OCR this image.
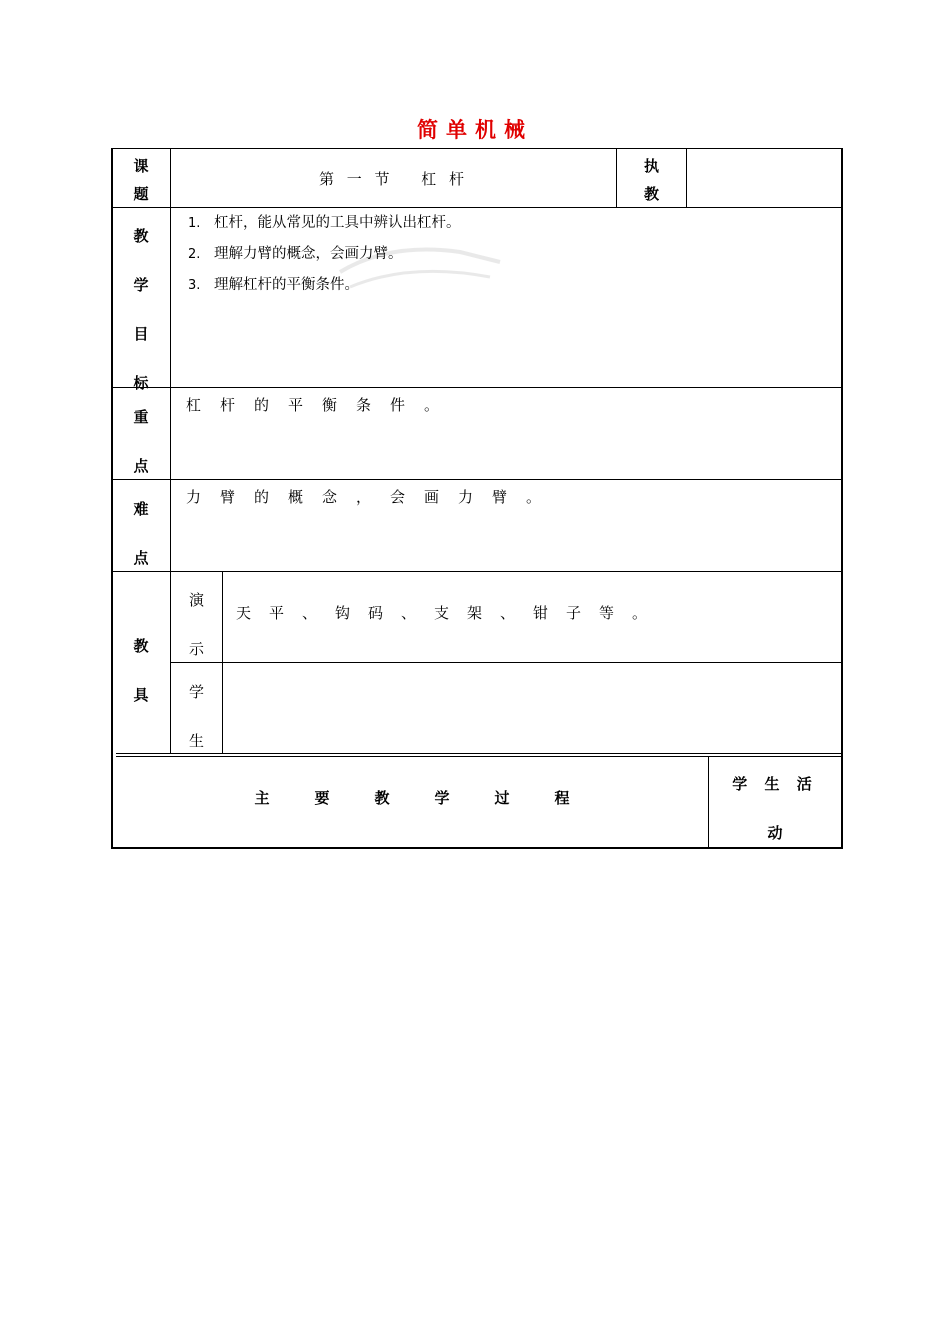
简单机械
课
题
第 一 节　 杠 杆
执
教
教
学
目
标
1. 杠杆，能从常见的工具中辨认出杠杆。
2. 理解力臂的概念，会画力臂。
3. 理解杠杆的平衡条件。
重
点
杠杆的平衡条件。
难
点
力臂的概念，会画力臂。
教
具
演
示
天平、钩码、支架、钳子等。
学
生
主　　　要　　　教　　　学　　　过　　　程
学 生 活
动
